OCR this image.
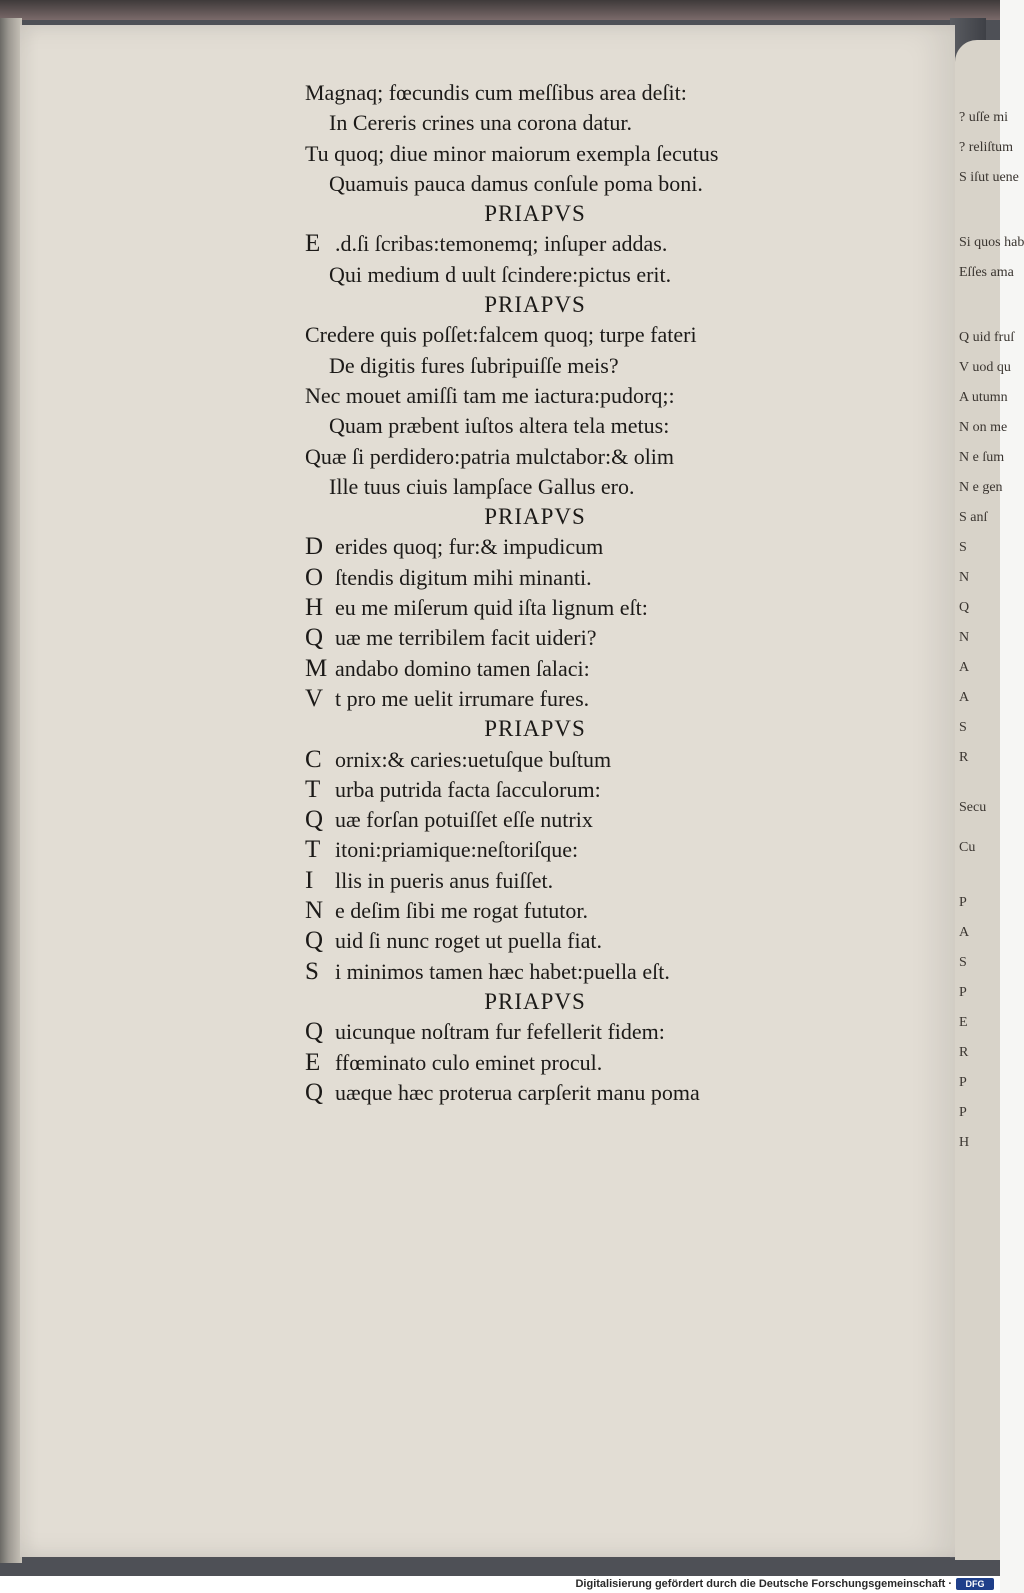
Magnaq; fœcundis cum meſſibus area deſit:
In Cereris crines una corona datur.
Tu quoq; diue minor maiorum exempla ſecutus
Quamuis pauca damus conſule poma boni.
PRIAPVS
E .d.ſi ſcribas:temonemq; inſuper addas.
Qui medium d uult ſcindere:pictus erit.
PRIAPVS
Credere quis poſſet:falcem quoq; turpe fateri
De digitis fures ſubripuiſſe meis?
Nec mouet amiſſi tam me iactura:pudorq;:
Quam præbent iuſtos altera tela metus:
Quæ ſi perdidero:patria mulctabor:& olim
Ille tuus ciuis lampſace Gallus ero.
PRIAPVS
D erides quoq; fur:& impudicum
O ſtendis digitum mihi minanti.
H eu me miſerum quid iſta lignum eſt:
Q uæ me terribilem facit uideri?
M andabo domino tamen ſalaci:
V t pro me uelit irrumare fures.
PRIAPVS
C ornix:& caries:uetuſque buſtum
T urba putrida facta ſacculorum:
Q uæ forſan potuiſſet eſſe nutrix
T itoni:priamique:neſtoriſque:
I llis in pueris anus fuiſſet.
N e deſim ſibi me rogat fututor.
Q uid ſi nunc roget ut puella fiat.
S i minimos tamen hæc habet:puella eſt.
PRIAPVS
Q uicunque noſtram fur fefellerit fidem:
E ffœminato culo eminet procul.
Q uæque hæc proterua carpſerit manu poma
? uſſe mi
? reliſtum
S iſut uene
Si quos hab
Eſſes ama
Q uid fruſ
V uod qu
A utumn
N on me
N e ſum
N e gen
S anſ
S
N
Q
N
A
A
S
R
Secu
Cu
P
A
S
P
E
R
P
P
H
Digitalisierung gefördert durch die Deutsche Forschungsgemeinschaft ·	DFG
